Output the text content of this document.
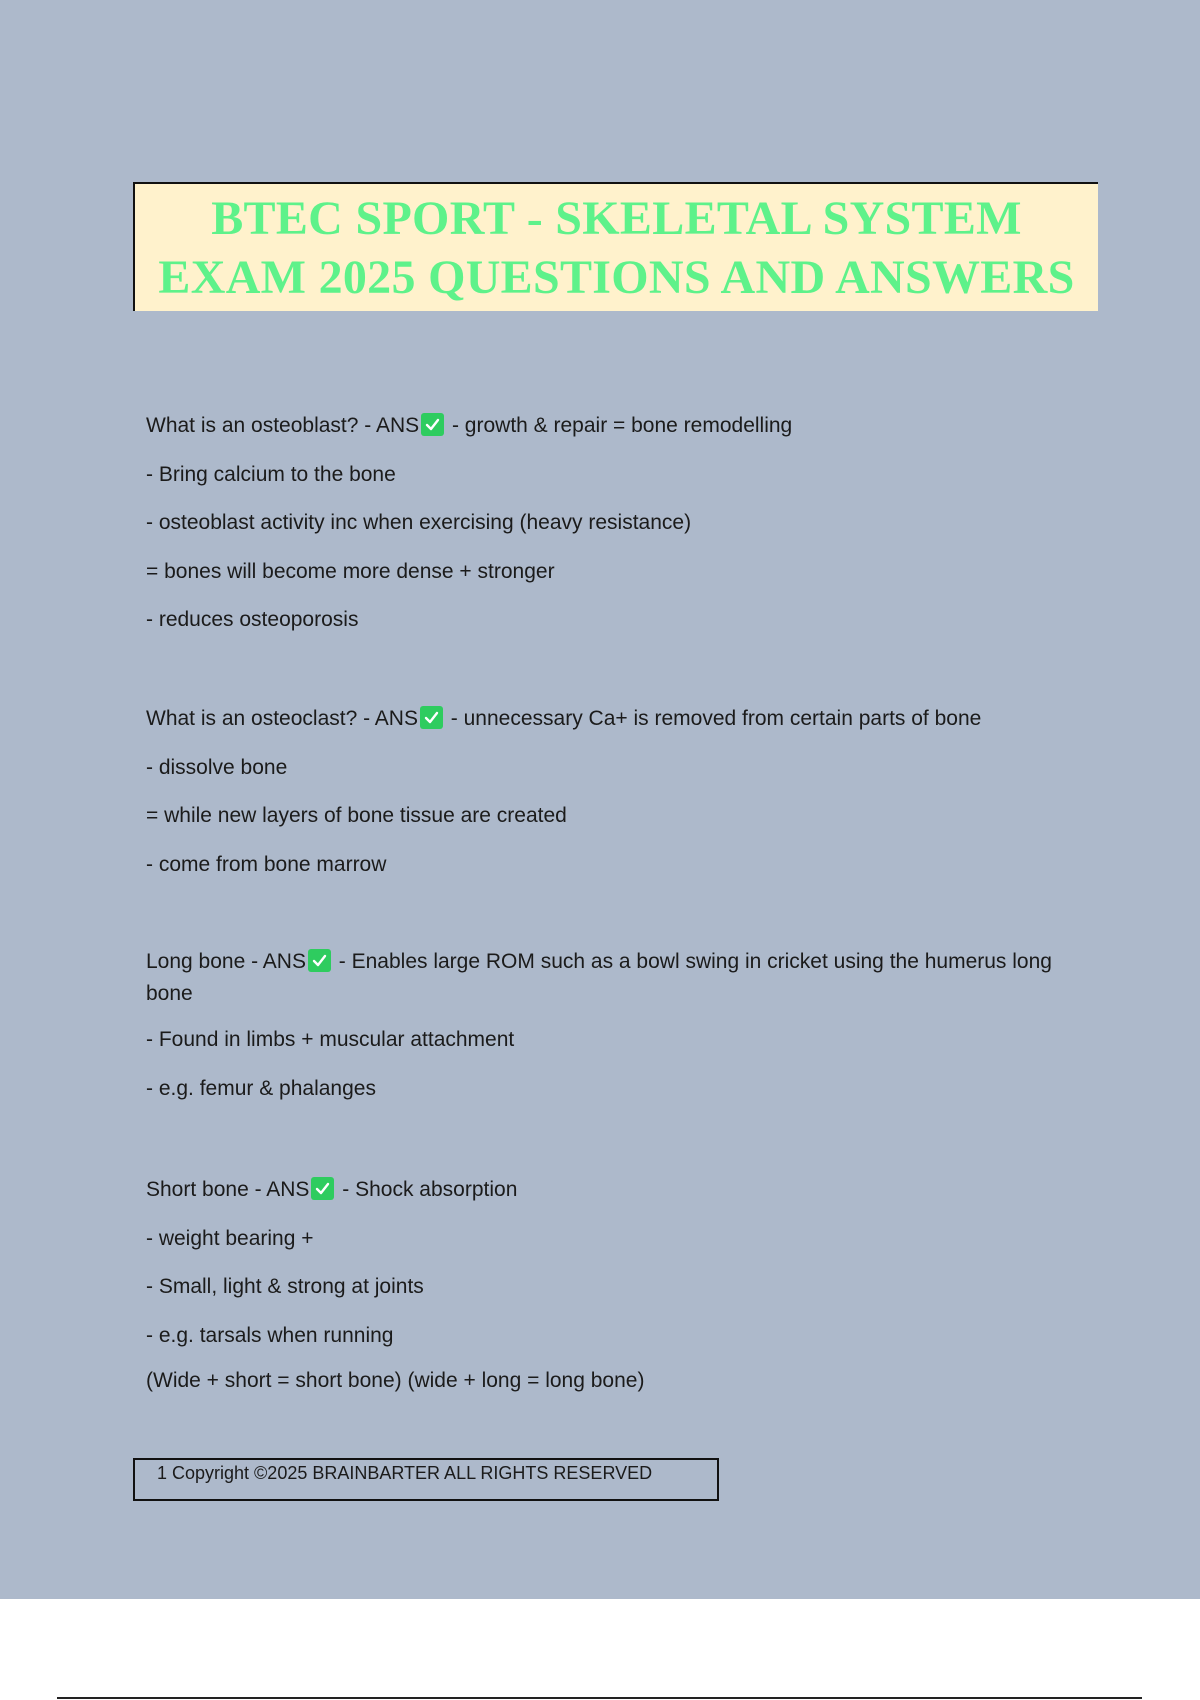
BTEC SPORT - SKELETAL SYSTEM
EXAM 2025 QUESTIONS AND ANSWERS
What is an osteoblast? - ANS
- growth & repair = bone remodelling
- Bring calcium to the bone
- osteoblast activity inc when exercising (heavy resistance)
= bones will become more dense + stronger
- reduces osteoporosis
What is an osteoclast? - ANS
- unnecessary Ca+ is removed from certain parts of bone
- dissolve bone
= while new layers of bone tissue are created
- come from bone marrow
Long bone - ANS
- Enables large ROM such as a bowl swing in cricket using the humerus long bone
- Found in limbs + muscular attachment
- e.g. femur & phalanges
Short bone - ANS
- Shock absorption
- weight bearing +
- Small, light & strong at joints
- e.g. tarsals when running
(Wide + short = short bone) (wide + long = long bone)
1 Copyright ©2025 BRAINBARTER ALL RIGHTS RESERVED
